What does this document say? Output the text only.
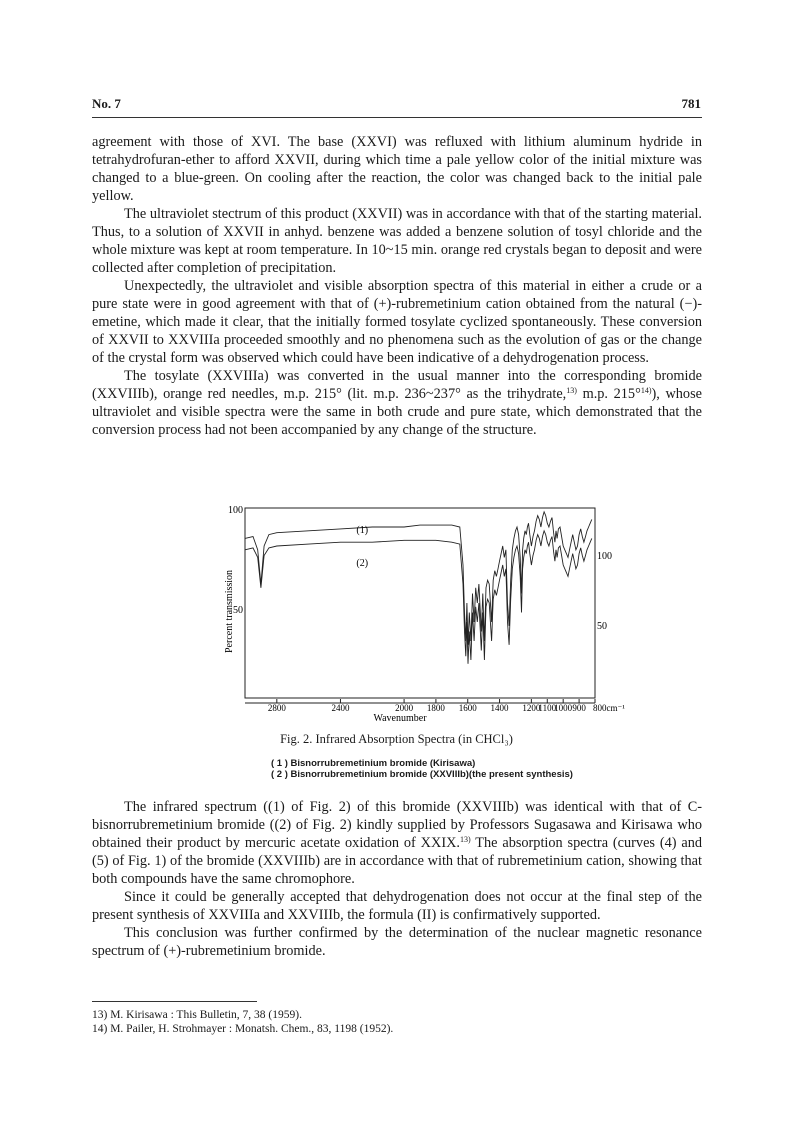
No. 7	781

agreement with those of XVI. The base (XXVI) was refluxed with lithium aluminum hydride in tetrahydrofuran-ether to afford XXVII, during which time a pale yellow color of the initial mixture was changed to a blue-green. On cooling after the reaction, the color was changed back to the initial pale yellow.

The ultraviolet stectrum of this product (XXVII) was in accordance with that of the starting material. Thus, to a solution of XXVII in anhyd. benzene was added a benzene solution of tosyl chloride and the whole mixture was kept at room temperature. In 10~15 min. orange red crystals began to deposit and were collected after completion of precipitation.

Unexpectedly, the ultraviolet and visible absorption spectra of this material in either a crude or a pure state were in good agreement with that of (+)-rubremetinium cation obtained from the natural (−)-emetine, which made it clear, that the initially formed tosylate cyclized spontaneously. These conversion of XXVII to XXVIIIa proceeded smoothly and no phenomena such as the evolution of gas or the change of the crystal form was observed which could have been indicative of a dehydrogenation process.

The tosylate (XXVIIIa) was converted in the usual manner into the corresponding bromide (XXVIIIb), orange red needles, m.p. 215° (lit. m.p. 236~237° as the trihydrate,$^{13)}$ m.p. 215°$^{14)}$), whose ultraviolet and visible spectra were the same in both crude and pure state, which demonstrated that the conversion process had not been accompanied by any change of the structure.

100
50
100
50
Percent transmission
Wavenumber
2800	2400	2000 1800 1600 1400 1200
1100
1000 900 800cm⁻¹
(1)
(2)
Fig. 2. Infrared Absorption Spectra (in CHCl₃)
( 1 ) Bisnorrubremetinium bromide (Kirisawa)
( 2 ) Bisnorrubremetinium bromide (XXVIIIb)(the present synthesis)

The infrared spectrum ((1) of Fig. 2) of this bromide (XXVIIIb) was identical with that of C-bisnorrubremetinium bromide ((2) of Fig. 2) kindly supplied by Professors Sugasawa and Kirisawa who obtained their product by mercuric acetate oxidation of XXIX.$^{13)}$ The absorption spectra (curves (4) and (5) of Fig. 1) of the bromide (XXVIIIb) are in accordance with that of rubremetinium cation, showing that both compounds have the same chromophore.

Since it could be generally accepted that dehydrogenation does not occur at the final step of the present synthesis of XXVIIIa and XXVIIIb, the formula (II) is confirmatively supported.

This conclusion was further confirmed by the determination of the nuclear magnetic resonance spectrum of (+)-rubremetinium bromide.

13) M. Kirisawa : This Bulletin, 7, 38 (1959).
14) M. Pailer, H. Strohmayer : Monatsh. Chem., 83, 1198 (1952).
